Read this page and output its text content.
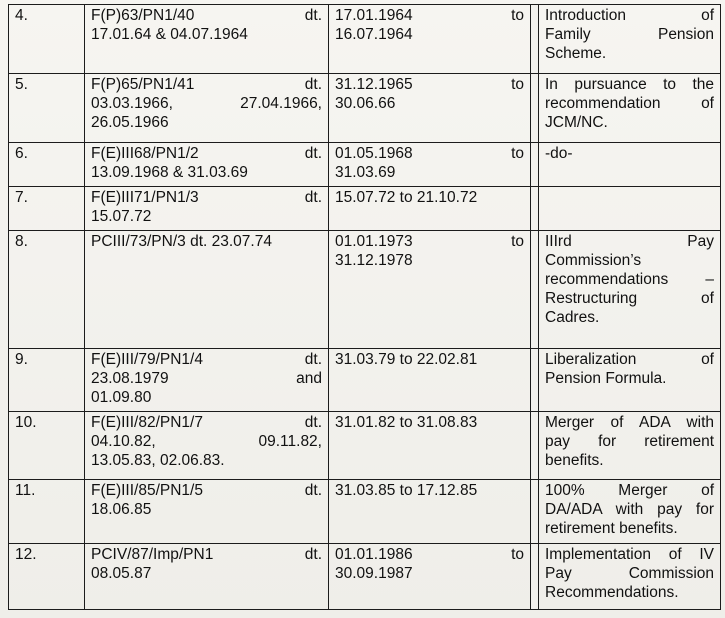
4.	F(P)63/PN1/40 dt.
17.01.64 & 04.07.1964	17.01.1964 to
16.07.1964		Introduction of
Family Pension
Scheme.

5.	F(P)65/PN1/41 dt.
03.03.1966, 27.04.1966,
26.05.1966	31.12.1965 to
30.06.66		In pursuance to the
recommendation of
JCM/NC.

6.	F(E)III68/PN1/2 dt.
13.09.1968 & 31.03.69	01.05.1968 to
31.03.69		-do-
7.	F(E)III71/PN1/3 dt.
15.07.72	15.07.72 to 21.10.72		

8.	PCIII/73/PN/3 dt. 23.07.74	01.01.1973 to
31.12.1978		IIIrd Pay
Commission’s
recommendations –
Restructuring of
Cadres.

9.	F(E)III/79/PN1/4 dt.
23.08.1979 and
01.09.80	31.03.79 to 22.02.81		Liberalization of
Pension Formula.

10.	F(E)III/82/PN1/7 dt.
04.10.82, 09.11.82,
13.05.83, 02.06.83.	31.01.82 to 31.08.83		Merger of ADA with
pay for retirement
benefits.

11.	F(E)III/85/PN1/5 dt.
18.06.85	31.03.85 to 17.12.85		100% Merger of
DA/ADA with pay for
retirement benefits.

12.	PCIV/87/Imp/PN1 dt.
08.05.87	01.01.1986 to
30.09.1987		Implementation of IV
Pay Commission
Recommendations.
